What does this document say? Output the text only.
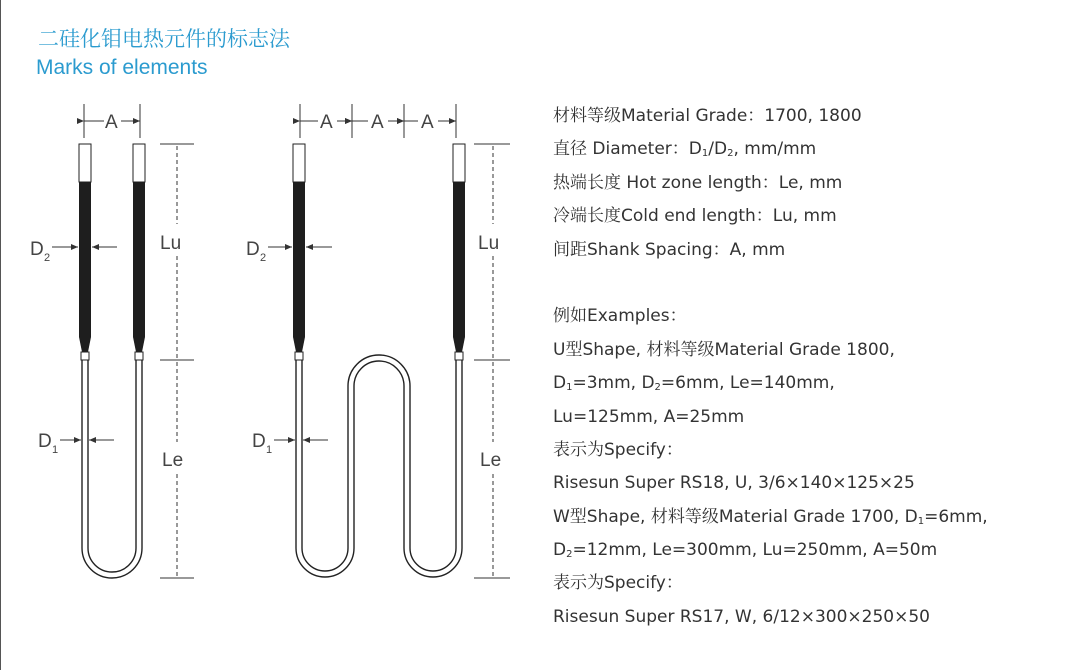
二硅化钼电热元件的标志法
Marks of elements
A
Lu
Le
D 2
D 1
A A A
Lu
Le
D 2
D 1
材料等级Material Grade：1700, 1800
直径 Diameter：$D_1/D_2$, mm/mm
热端长度 Hot zone length：Le, mm
冷端长度Cold end length：Lu, mm
间距Shank Spacing：A, mm
例如Examples：
U型Shape, 材料等级Material Grade 1800,
$D_1=3mm$, $D_2=6mm$, Le=140mm,
Lu=125mm, A=25mm
表示为Specify：
Risesun Super RS18, U, 3/6×140×125×25
W型Shape, 材料等级Material Grade 1700, $D_1=6mm$,
$D_2=12mm$, Le=300mm, Lu=250mm, A=50m
表示为Specify：
Risesun Super RS17, W, 6/12×300×250×50
